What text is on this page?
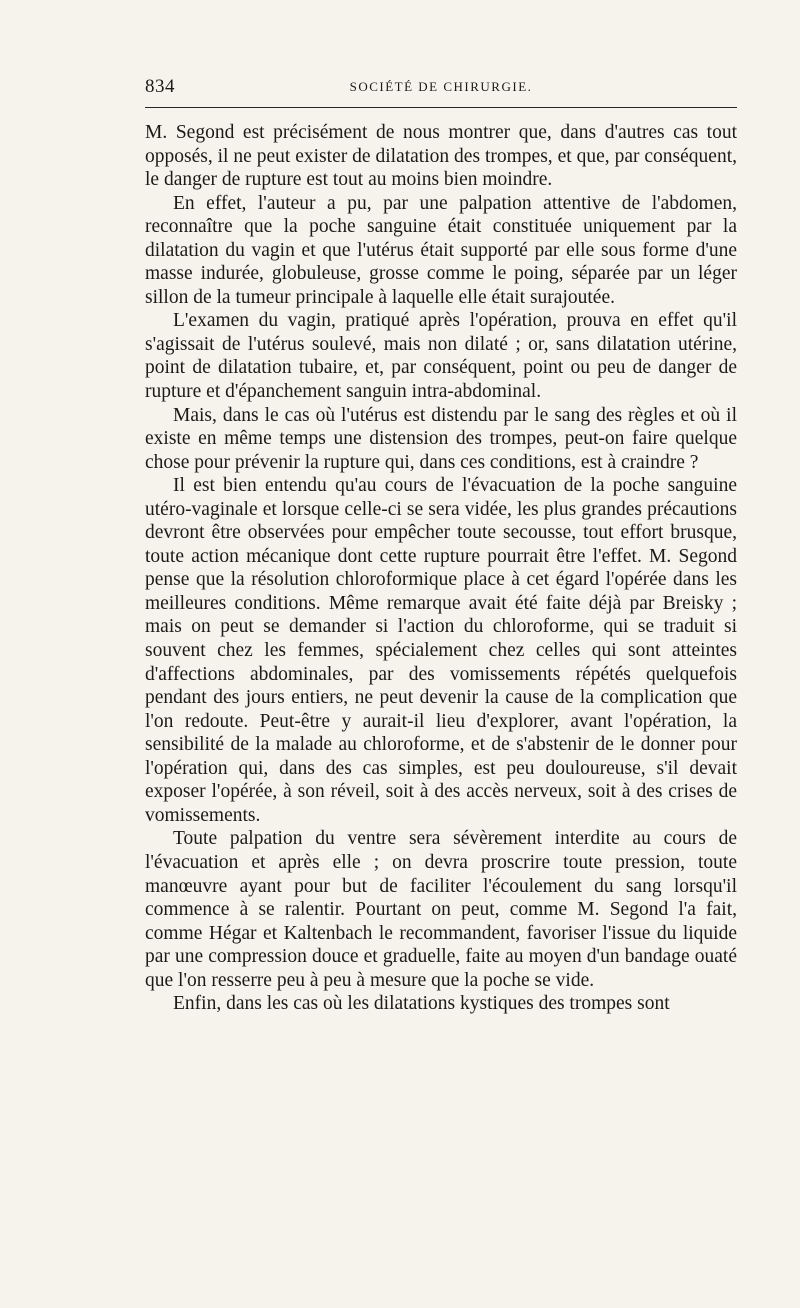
834	SOCIÉTÉ DE CHIRURGIE.

M. Segond est précisément de nous montrer que, dans d'autres cas tout opposés, il ne peut exister de dilatation des trompes, et que, par conséquent, le danger de rupture est tout au moins bien moindre.

En effet, l'auteur a pu, par une palpation attentive de l'abdomen, reconnaître que la poche sanguine était constituée uniquement par la dilatation du vagin et que l'utérus était supporté par elle sous forme d'une masse indurée, globuleuse, grosse comme le poing, séparée par un léger sillon de la tumeur principale à laquelle elle était surajoutée.

L'examen du vagin, pratiqué après l'opération, prouva en effet qu'il s'agissait de l'utérus soulevé, mais non dilaté ; or, sans dilatation utérine, point de dilatation tubaire, et, par conséquent, point ou peu de danger de rupture et d'épanchement sanguin intra-abdominal.

Mais, dans le cas où l'utérus est distendu par le sang des règles et où il existe en même temps une distension des trompes, peut-on faire quelque chose pour prévenir la rupture qui, dans ces conditions, est à craindre ?

Il est bien entendu qu'au cours de l'évacuation de la poche sanguine utéro-vaginale et lorsque celle-ci se sera vidée, les plus grandes précautions devront être observées pour empêcher toute secousse, tout effort brusque, toute action mécanique dont cette rupture pourrait être l'effet. M. Segond pense que la résolution chloroformique place à cet égard l'opérée dans les meilleures conditions. Même remarque avait été faite déjà par Breisky ; mais on peut se demander si l'action du chloroforme, qui se traduit si souvent chez les femmes, spécialement chez celles qui sont atteintes d'affections abdominales, par des vomissements répétés quelquefois pendant des jours entiers, ne peut devenir la cause de la complication que l'on redoute. Peut-être y aurait-il lieu d'explorer, avant l'opération, la sensibilité de la malade au chloroforme, et de s'abstenir de le donner pour l'opération qui, dans des cas simples, est peu douloureuse, s'il devait exposer l'opérée, à son réveil, soit à des accès nerveux, soit à des crises de vomissements.

Toute palpation du ventre sera sévèrement interdite au cours de l'évacuation et après elle ; on devra proscrire toute pression, toute manœuvre ayant pour but de faciliter l'écoulement du sang lorsqu'il commence à se ralentir. Pourtant on peut, comme M. Segond l'a fait, comme Hégar et Kaltenbach le recommandent, favoriser l'issue du liquide par une compression douce et graduelle, faite au moyen d'un bandage ouaté que l'on resserre peu à peu à mesure que la poche se vide.

Enfin, dans les cas où les dilatations kystiques des trompes sont
